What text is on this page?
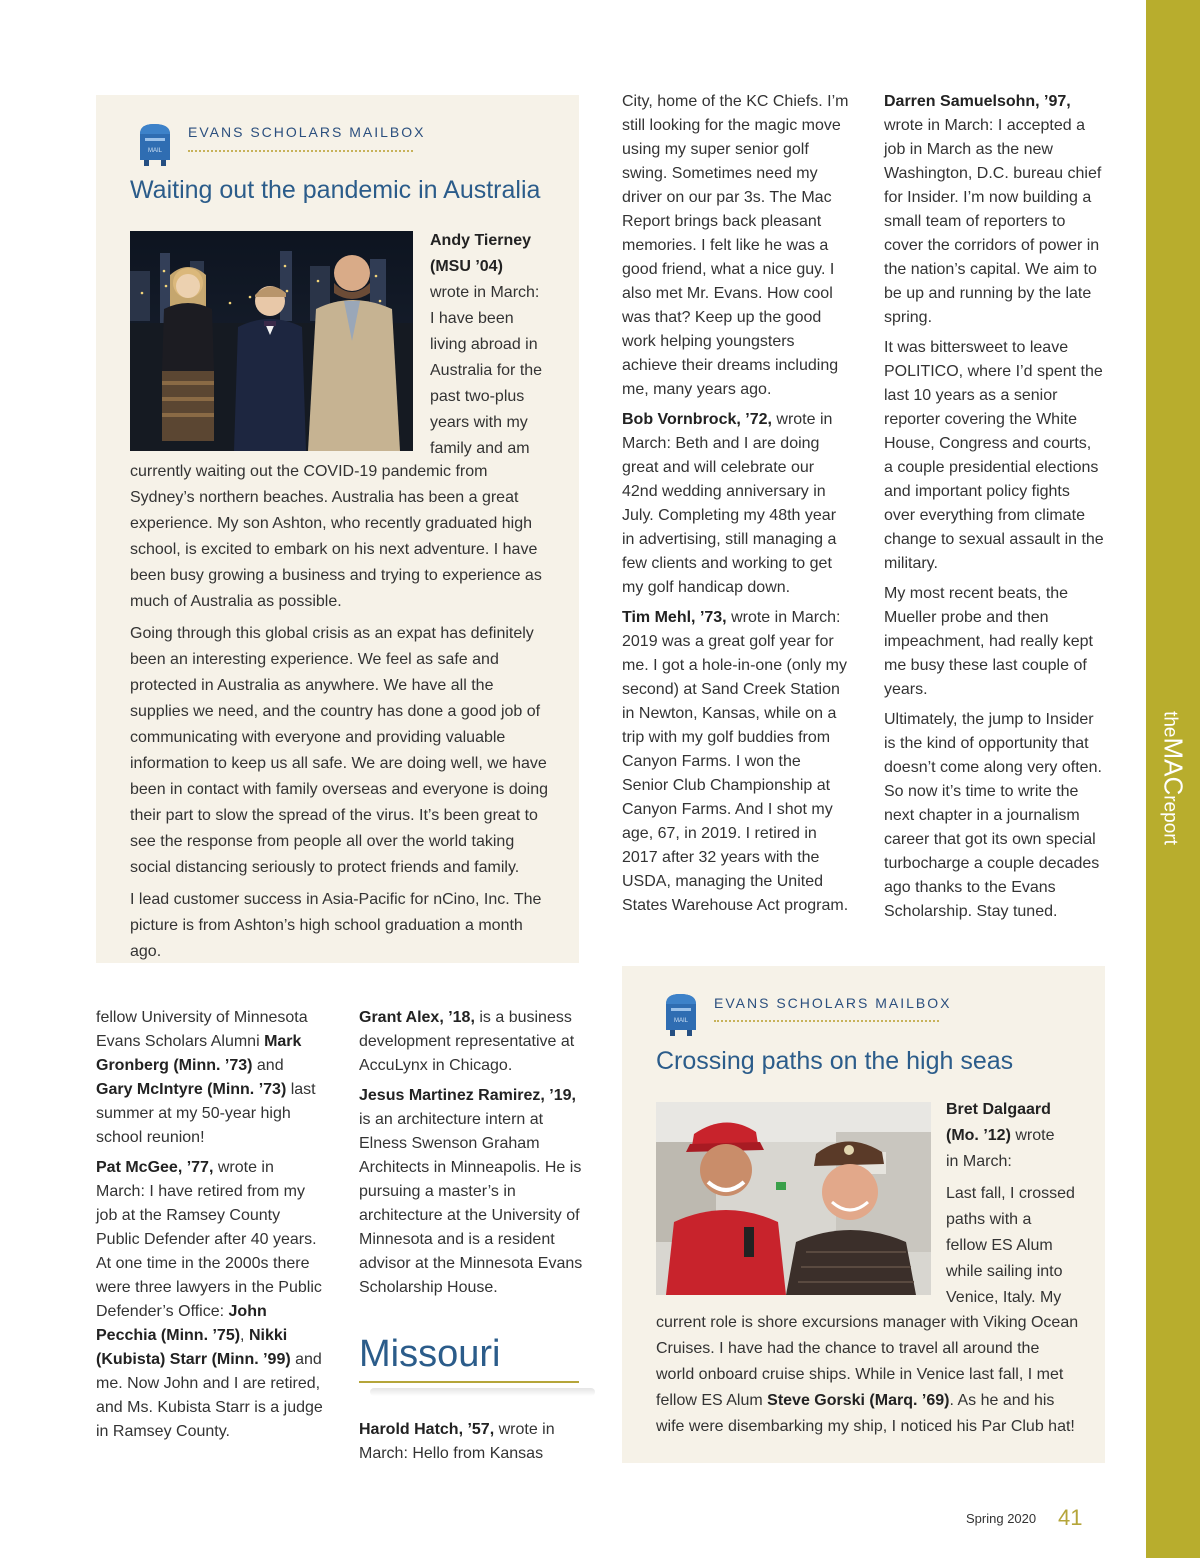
theMACreport
MAIL
EVANS SCHOLARS MAILBOX
Waiting out the pandemic in Australia
Andy Tierney
(MSU ’04)
wrote in March:
I have been
living abroad in
Australia for the
past two-plus
years with my
family and am

currently waiting out the COVID-19 pandemic from Sydney’s northern beaches. Australia has been a great experience. My son Ashton, who recently graduated high school, is excited to embark on his next adventure. I have been busy growing a business and trying to experience as much of Australia as possible.

Going through this global crisis as an expat has definitely been an interesting experience. We feel as safe and protected in Australia as anywhere. We have all the supplies we need, and the country has done a good job of communicating with everyone and providing valuable information to keep us all safe. We are doing well, we have been in contact with family overseas and everyone is doing their part to slow the spread of the virus. It’s been great to see the response from people all over the world taking social distancing seriously to protect friends and family.

I lead customer success in Asia-Pacific for nCino, Inc. The picture is from Ashton’s high school graduation a month ago.

City, home of the KC Chiefs. I’m still looking for the magic move using my super senior golf swing. Sometimes need my driver on our par 3s. The Mac Report brings back pleasant memories. I felt like he was a good friend, what a nice guy. I also met Mr. Evans. How cool was that? Keep up the good work helping youngsters achieve their dreams including me, many years ago.

Bob Vornbrock, ’72, wrote in March: Beth and I are doing great and will celebrate our 42nd wedding anniversary in July. Completing my 48th year in advertising, still managing a few clients and working to get my golf handicap down.

Tim Mehl, ’73, wrote in March: 2019 was a great golf year for me. I got a hole-in-one (only my second) at Sand Creek Station in Newton, Kansas, while on a trip with my golf buddies from Canyon Farms. I won the Senior Club Championship at Canyon Farms. And I shot my age, 67, in 2019. I retired in 2017 after 32 years with the USDA, managing the United States Warehouse Act program.

Darren Samuelsohn, ’97, wrote in March: I accepted a job in March as the new Washington, D.C. bureau chief for Insider. I’m now building a small team of reporters to cover the corridors of power in the nation’s capital. We aim to be up and running by the late spring.

It was bittersweet to leave POLITICO, where I’d spent the last 10 years as a senior reporter covering the White House, Congress and courts, a couple presidential elections and important policy fights over everything from climate change to sexual assault in the military.

My most recent beats, the Mueller probe and then impeachment, had really kept me busy these last couple of years.

Ultimately, the jump to Insider is the kind of opportunity that doesn’t come along very often. So now it’s time to write the next chapter in a journalism career that got its own special turbocharge a couple decades ago thanks to the Evans Scholarship. Stay tuned.

fellow University of Minnesota Evans Scholars Alumni Mark Gronberg (Minn. ’73) and Gary McIntyre (Minn. ’73) last summer at my 50-year high school reunion!

Pat McGee, ’77, wrote in March: I have retired from my job at the Ramsey County Public Defender after 40 years. At one time in the 2000s there were three lawyers in the Public Defender’s Office: John Pecchia (Minn. ’75), Nikki (Kubista) Starr (Minn. ’99) and me. Now John and I are retired, and Ms. Kubista Starr is a judge in Ramsey County.

Grant Alex, ’18, is a business development representative at AccuLynx in Chicago.

Jesus Martinez Ramirez, ’19, is an architecture intern at Elness Swenson Graham Architects in Minneapolis. He is pursuing a master’s in architecture at the University of Minnesota and is a resident advisor at the Minnesota Evans Scholarship House.

Missouri
Harold Hatch, ’57, wrote in March: Hello from Kansas
MAIL
EVANS SCHOLARS MAILBOX
Crossing paths on the high seas
Bret Dalgaard
(Mo. ’12) wrote
in March:
Last fall, I crossed
paths with a
fellow ES Alum
while sailing into
Venice, Italy. My

current role is shore excursions manager with Viking Ocean Cruises. I have had the chance to travel all around the world onboard cruise ships. While in Venice last fall, I met fellow ES Alum Steve Gorski (Marq. ’69). As he and his wife were disembarking my ship, I noticed his Par Club hat!

Spring 2020 41
